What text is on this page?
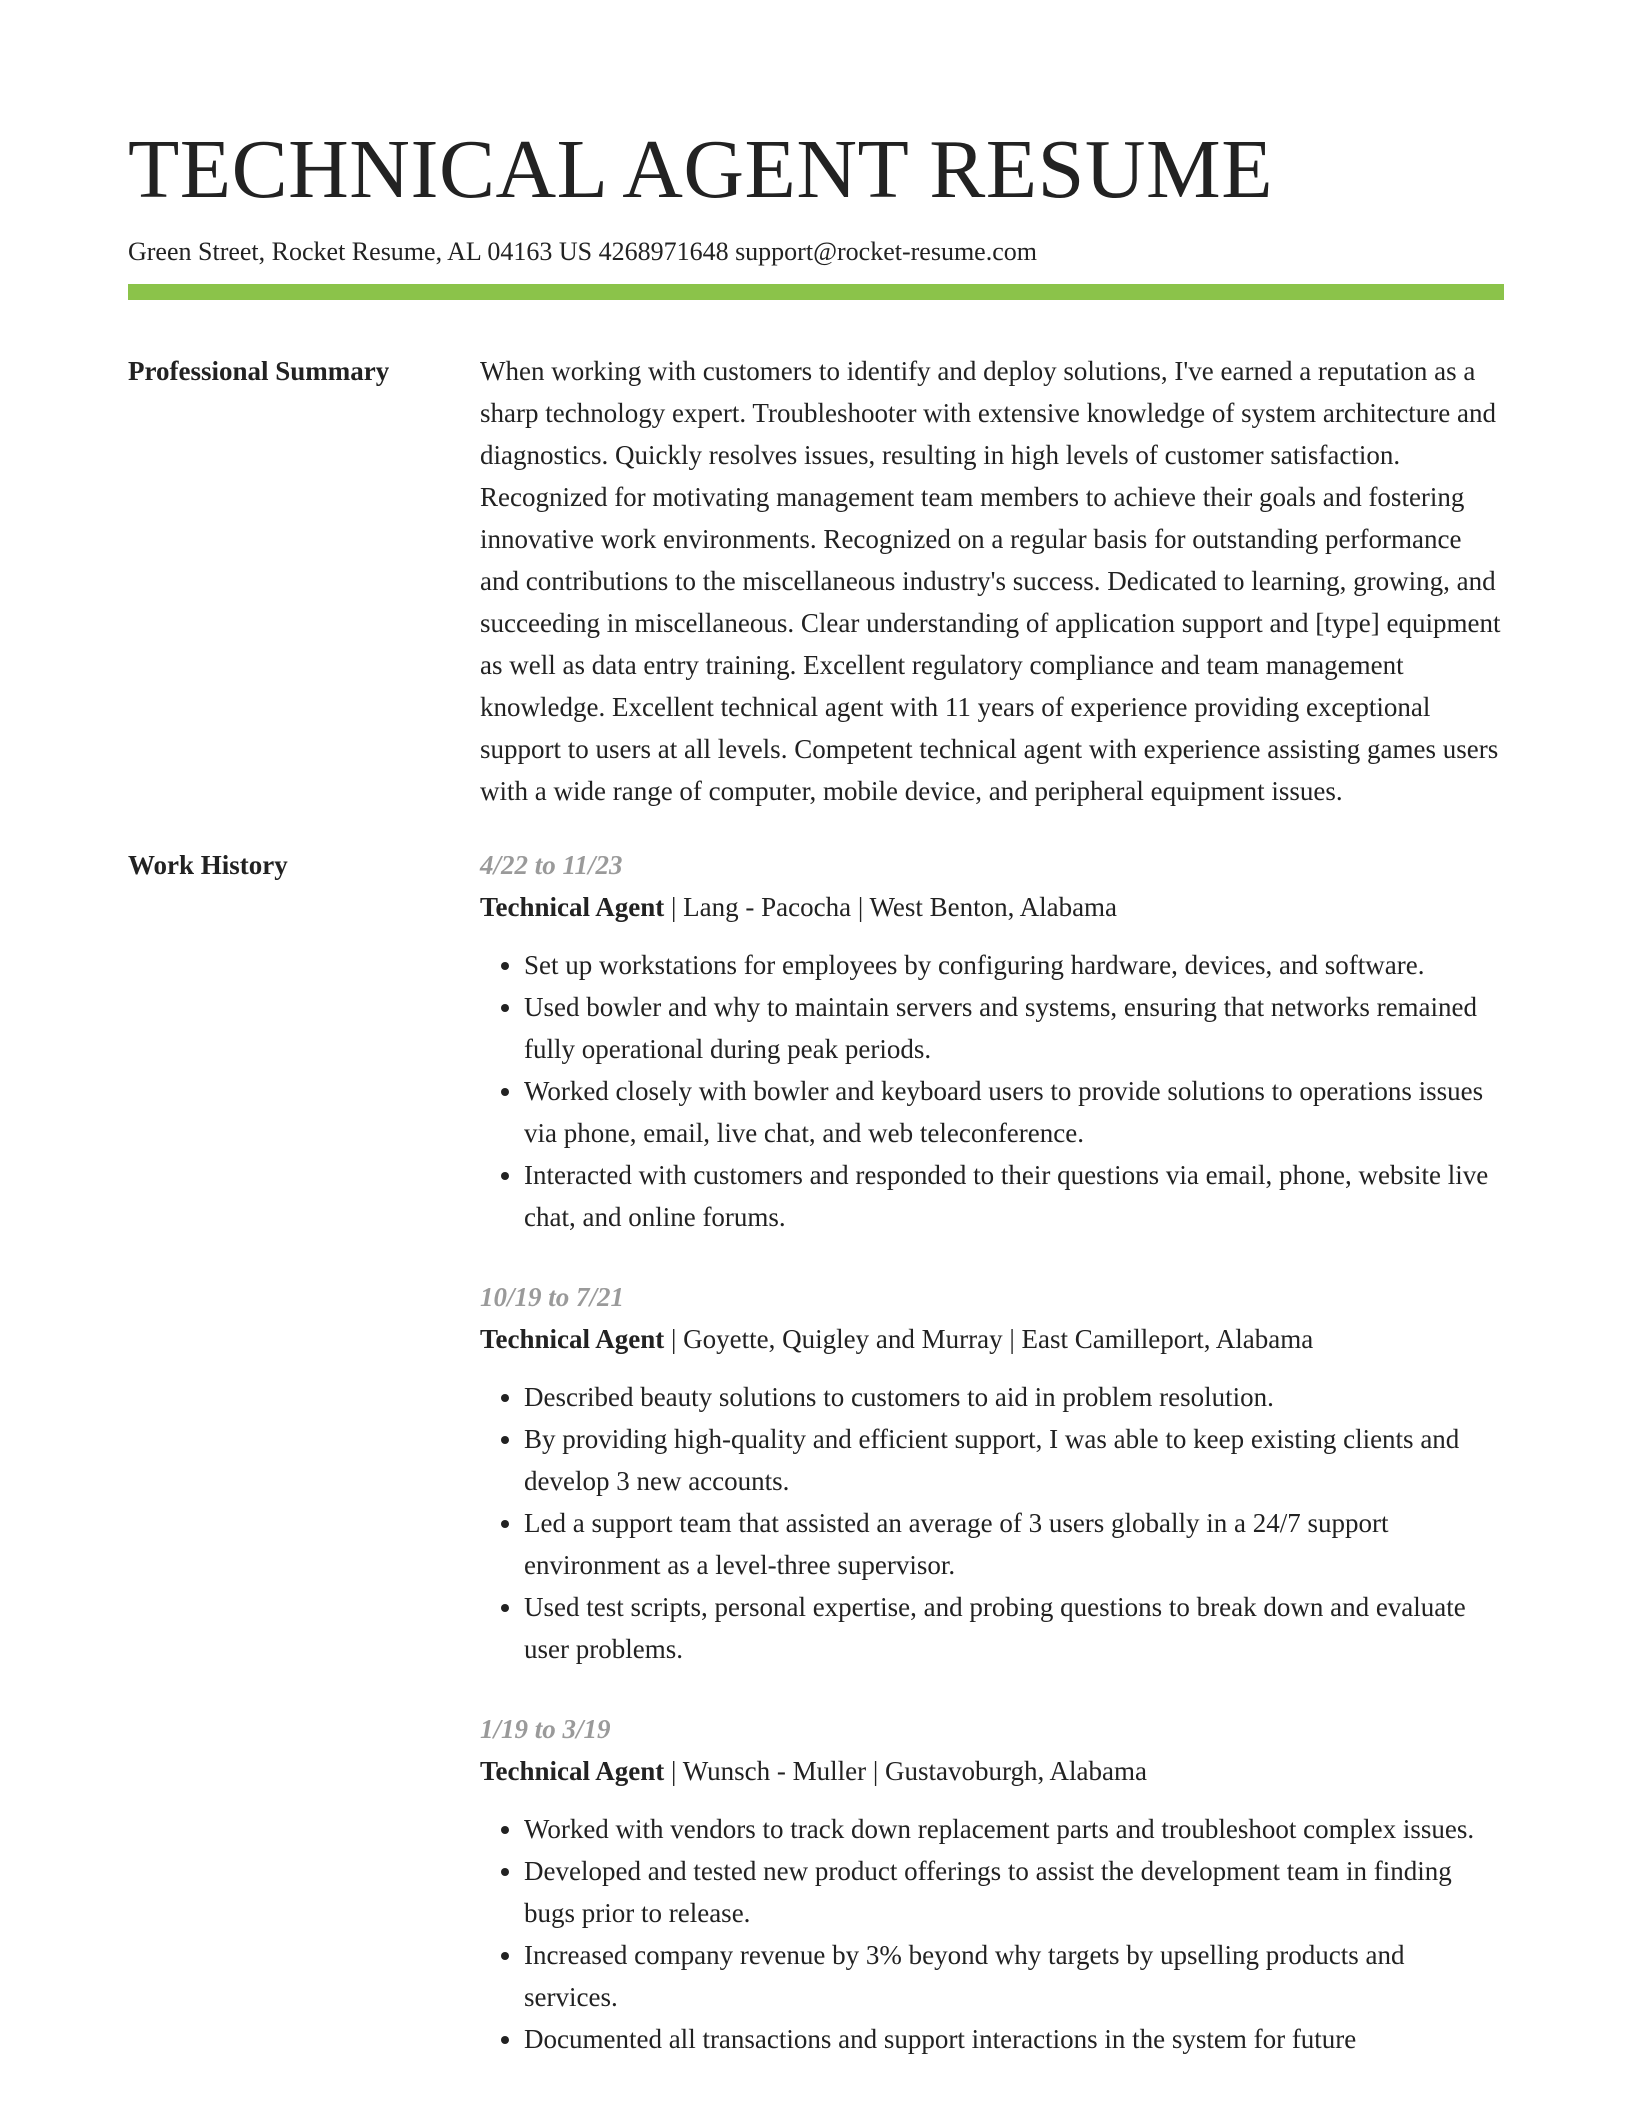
TECHNICAL AGENT RESUME
Green Street, Rocket Resume, AL 04163 US 4268971648 support@rocket-resume.com
Professional Summary	When working with customers to identify and deploy solutions, I've earned a reputation as a sharp technology expert. Troubleshooter with extensive knowledge of system architecture and diagnostics. Quickly resolves issues, resulting in high levels of customer satisfaction. Recognized for motivating management team members to achieve their goals and fostering innovative work environments. Recognized on a regular basis for outstanding performance and contributions to the miscellaneous industry's success. Dedicated to learning, growing, and succeeding in miscellaneous. Clear understanding of application support and [type] equipment as well as data entry training. Excellent regulatory compliance and team management knowledge. Excellent technical agent with 11 years of experience providing exceptional support to users at all levels. Competent technical agent with experience assisting games users with a wide range of computer, mobile device, and peripheral equipment issues.

Work History	4/22 to 11/23
Technical Agent | Lang - Pacocha | West Benton, Alabama
• Set up workstations for employees by configuring hardware, devices, and software.
• Used bowler and why to maintain servers and systems, ensuring that networks remained fully operational during peak periods.
• Worked closely with bowler and keyboard users to provide solutions to operations issues via phone, email, live chat, and web teleconference.
• Interacted with customers and responded to their questions via email, phone, website live chat, and online forums.
10/19 to 7/21
Technical Agent | Goyette, Quigley and Murray | East Camilleport, Alabama
• Described beauty solutions to customers to aid in problem resolution.
• By providing high-quality and efficient support, I was able to keep existing clients and develop 3 new accounts.
• Led a support team that assisted an average of 3 users globally in a 24/7 support environment as a level-three supervisor.
• Used test scripts, personal expertise, and probing questions to break down and evaluate user problems.
1/19 to 3/19
Technical Agent | Wunsch - Muller | Gustavoburgh, Alabama
• Worked with vendors to track down replacement parts and troubleshoot complex issues.
• Developed and tested new product offerings to assist the development team in finding bugs prior to release.
• Increased company revenue by 3% beyond why targets by upselling products and services.
• Documented all transactions and support interactions in the system for future
